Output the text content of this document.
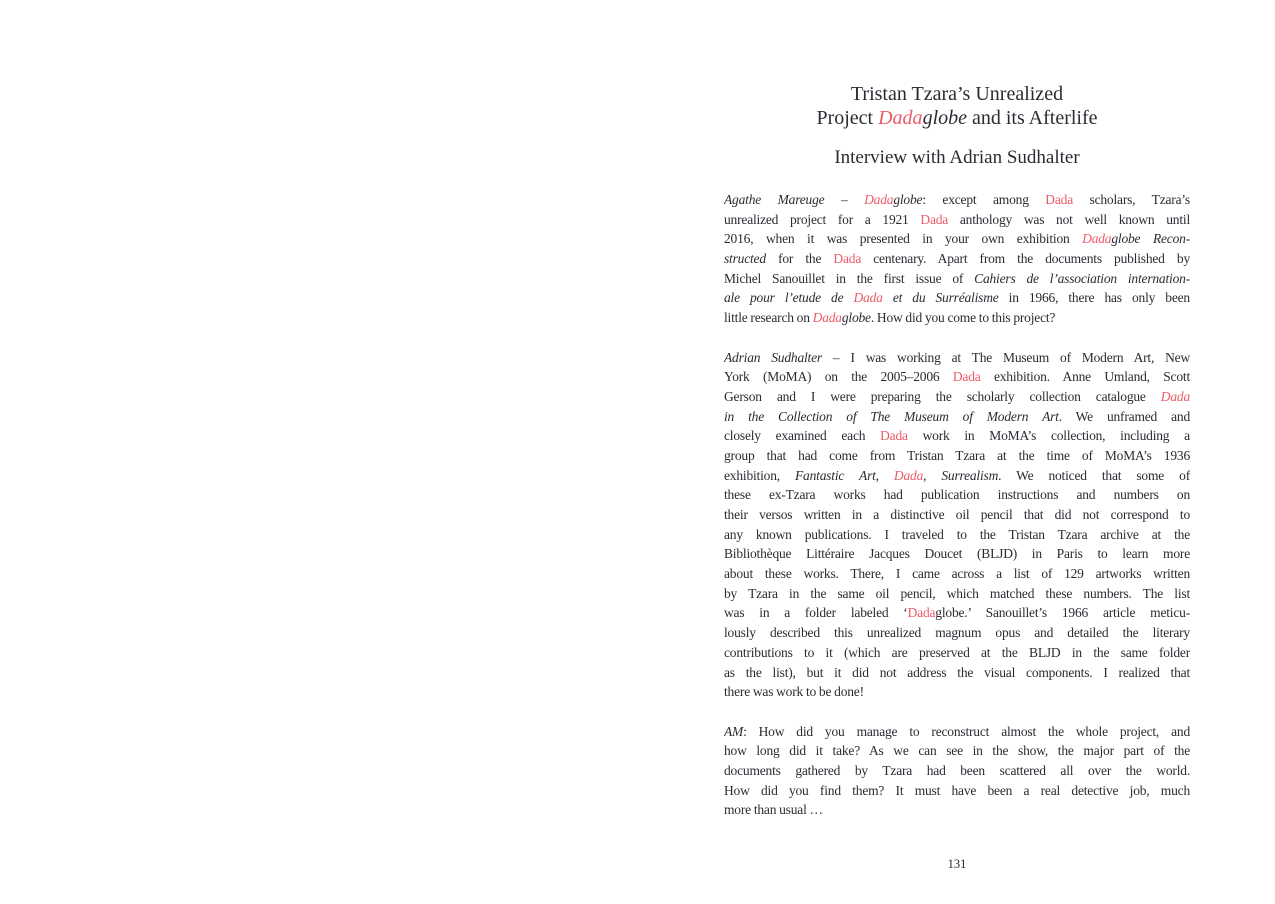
Tristan Tzara’s Unrealized
Project Dadaglobe and its Afterlife
Interview with Adrian Sudhalter
Agathe Mareuge – Dadaglobe: except among Dada scholars, Tzara’s
unrealized project for a 1921 Dada anthology was not well known until
2016, when it was presented in your own exhibition Dadaglobe Recon-
structed for the Dada centenary. Apart from the documents published by
Michel Sanouillet in the first issue of Cahiers de l’association internation-
ale pour l’etude de Dada et du Surréalisme in 1966, there has only been
little research on Dadaglobe. How did you come to this project?
Adrian Sudhalter – I was working at The Museum of Modern Art, New
York (MoMA) on the 2005–2006 Dada exhibition. Anne Umland, Scott
Gerson and I were preparing the scholarly collection catalogue Dada
in the Collection of The Museum of Modern Art. We unframed and
closely examined each Dada work in MoMA’s collection, including a
group that had come from Tristan Tzara at the time of MoMA’s 1936
exhibition, Fantastic Art, Dada, Surrealism. We noticed that some of
these ex-Tzara works had publication instructions and numbers on
their versos written in a distinctive oil pencil that did not correspond to
any known publications. I traveled to the Tristan Tzara archive at the
Bibliothèque Littéraire Jacques Doucet (BLJD) in Paris to learn more
about these works. There, I came across a list of 129 artworks written
by Tzara in the same oil pencil, which matched these numbers. The list
was in a folder labeled ‘Dadaglobe.’ Sanouillet’s 1966 article meticu-
lously described this unrealized magnum opus and detailed the literary
contributions to it (which are preserved at the BLJD in the same folder
as the list), but it did not address the visual components. I realized that
there was work to be done!
AM: How did you manage to reconstruct almost the whole project, and
how long did it take? As we can see in the show, the major part of the
documents gathered by Tzara had been scattered all over the world.
How did you find them? It must have been a real detective job, much
more than usual …
131
